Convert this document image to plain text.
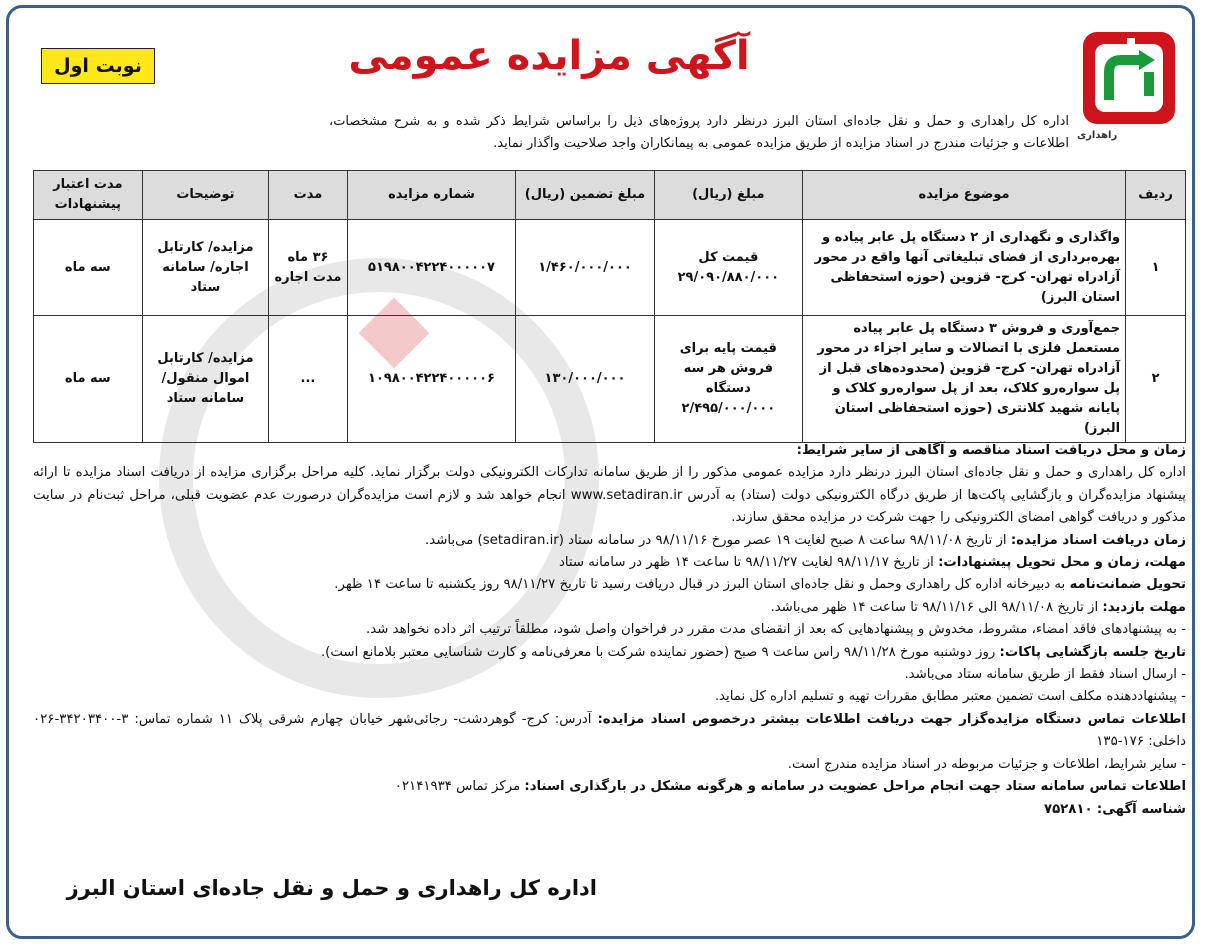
راهداری
آگهی مزایده عمومی
نوبت اول
اداره کل راهداری و حمل و نقل جاده‌ای استان البرز درنظر دارد پروژه‌های ذیل را براساس شرایط ذکر شده و به شرح مشخصات، اطلاعات و جزئیات مندرج در اسناد مزایده از طریق مزایده عمومی به پیمانکاران واجد صلاحیت واگذار نماید.
ردیف	موضوع مزایده	مبلغ (ریال)	مبلغ تضمین (ریال)	شماره مزایده	مدت	توضیحات	مدت اعتبار پیشنهادات
۱	واگذاری و نگهداری از ۲ دستگاه پل عابر پیاده و بهره‌برداری از فضای تبلیغاتی آنها واقع در محور آزادراه تهران- کرج- قزوین (حوزه استحفاظی استان البرز)	قیمت کل ۲۹/۰۹۰/۸۸۰/۰۰۰	۱/۴۶۰/۰۰۰/۰۰۰	۵۱۹۸۰۰۴۲۲۴۰۰۰۰۰۷	۳۶ ماه مدت اجاره	مزایده/ کارتابل اجاره/ سامانه ستاد	سه ماه
۲	جمع‌آوری و فروش ۳ دستگاه پل عابر پیاده مستعمل فلزی با اتصالات و سایر اجزاء در محور آزادراه تهران- کرج- قزوین (محدوده‌های قبل از پل سواره‌رو کلاک، بعد از پل سواره‌رو کلاک و پایانه شهید کلانتری (حوزه استحفاظی استان البرز)	قیمت پایه برای فروش هر سه دستگاه ۲/۴۹۵/۰۰۰/۰۰۰	۱۳۰/۰۰۰/۰۰۰	۱۰۹۸۰۰۴۲۲۴۰۰۰۰۰۶	...	مزایده/ کارتابل اموال منقول/ سامانه ستاد	سه ماه

زمان و محل دریافت اسناد مناقصه و آگاهی از سایر شرایط:

اداره کل راهداری و حمل و نقل جاده‌ای استان البرز درنظر دارد مزایده عمومی مذکور را از طریق سامانه تدارکات الکترونیکی دولت برگزار نماید. کلیه مراحل برگزاری مزایده از دریافت اسناد مزایده تا ارائه پیشنهاد مزایده‌گران و بازگشایی پاکت‌ها از طریق درگاه الکترونیکی دولت (ستاد) به آدرس www.setadiran.ir انجام خواهد شد و لازم است مزایده‌گران درصورت عدم عضویت قبلی، مراحل ثبت‌نام در سایت مذکور و دریافت گواهی امضای الکترونیکی را جهت شرکت در مزایده محقق سازند.

زمان دریافت اسناد مزایده: از تاریخ ۹۸/۱۱/۰۸ ساعت ۸ صبح لغایت ۱۹ عصر مورخ ۹۸/۱۱/۱۶ در سامانه ستاد (setadiran.ir) می‌باشد.

مهلت، زمان و محل تحویل پیشنهادات: از تاریخ ۹۸/۱۱/۱۷ لغایت ۹۸/۱۱/۲۷ تا ساعت ۱۴ ظهر در سامانه ستاد

تحویل ضمانت‌نامه به دبیرخانه اداره کل راهداری وحمل و نقل جاده‌ای استان البرز در قبال دریافت رسید تا تاریخ ۹۸/۱۱/۲۷ روز یکشنبه تا ساعت ۱۴ ظهر.

مهلت بازدید: از تاریخ ۹۸/۱۱/۰۸ الی ۹۸/۱۱/۱۶ تا ساعت ۱۴ ظهر می‌باشد.

- به پیشنهادهای فاقد امضاء، مشروط، مخدوش و پیشنهادهایی که بعد از انقضای مدت مقرر در فراخوان واصل شود، مطلقاً ترتیب اثر داده نخواهد شد.

تاریخ جلسه بازگشایی پاکات: روز دوشنبه مورخ ۹۸/۱۱/۲۸ راس ساعت ۹ صبح (حضور نماینده شرکت با معرفی‌نامه و کارت شناسایی معتبر بلامانع است).

- ارسال اسناد فقط از طریق سامانه ستاد می‌باشد.

- پیشنهاددهنده مکلف است تضمین معتبر مطابق مقررات تهیه و تسلیم اداره کل نماید.

اطلاعات تماس دستگاه مزایده‌گزار جهت دریافت اطلاعات بیشتر درخصوص اسناد مزایده: آدرس: کرج- گوهردشت- رجائی‌شهر خیابان چهارم شرقی پلاک ۱۱ شماره تماس: ۳-۳۴۲۰۳۴۰۰-۰۲۶ داخلی: ۱۷۶-۱۳۵

- سایر شرایط، اطلاعات و جزئیات مربوطه در اسناد مزایده مندرج است.

اطلاعات تماس سامانه ستاد جهت انجام مراحل عضویت در سامانه و هرگونه مشکل در بارگذاری اسناد: مرکز تماس ۰۲۱۴۱۹۳۴

شناسه آگهی: ۷۵۲۸۱۰

اداره کل راهداری و حمل و نقل جاده‌ای استان البرز
